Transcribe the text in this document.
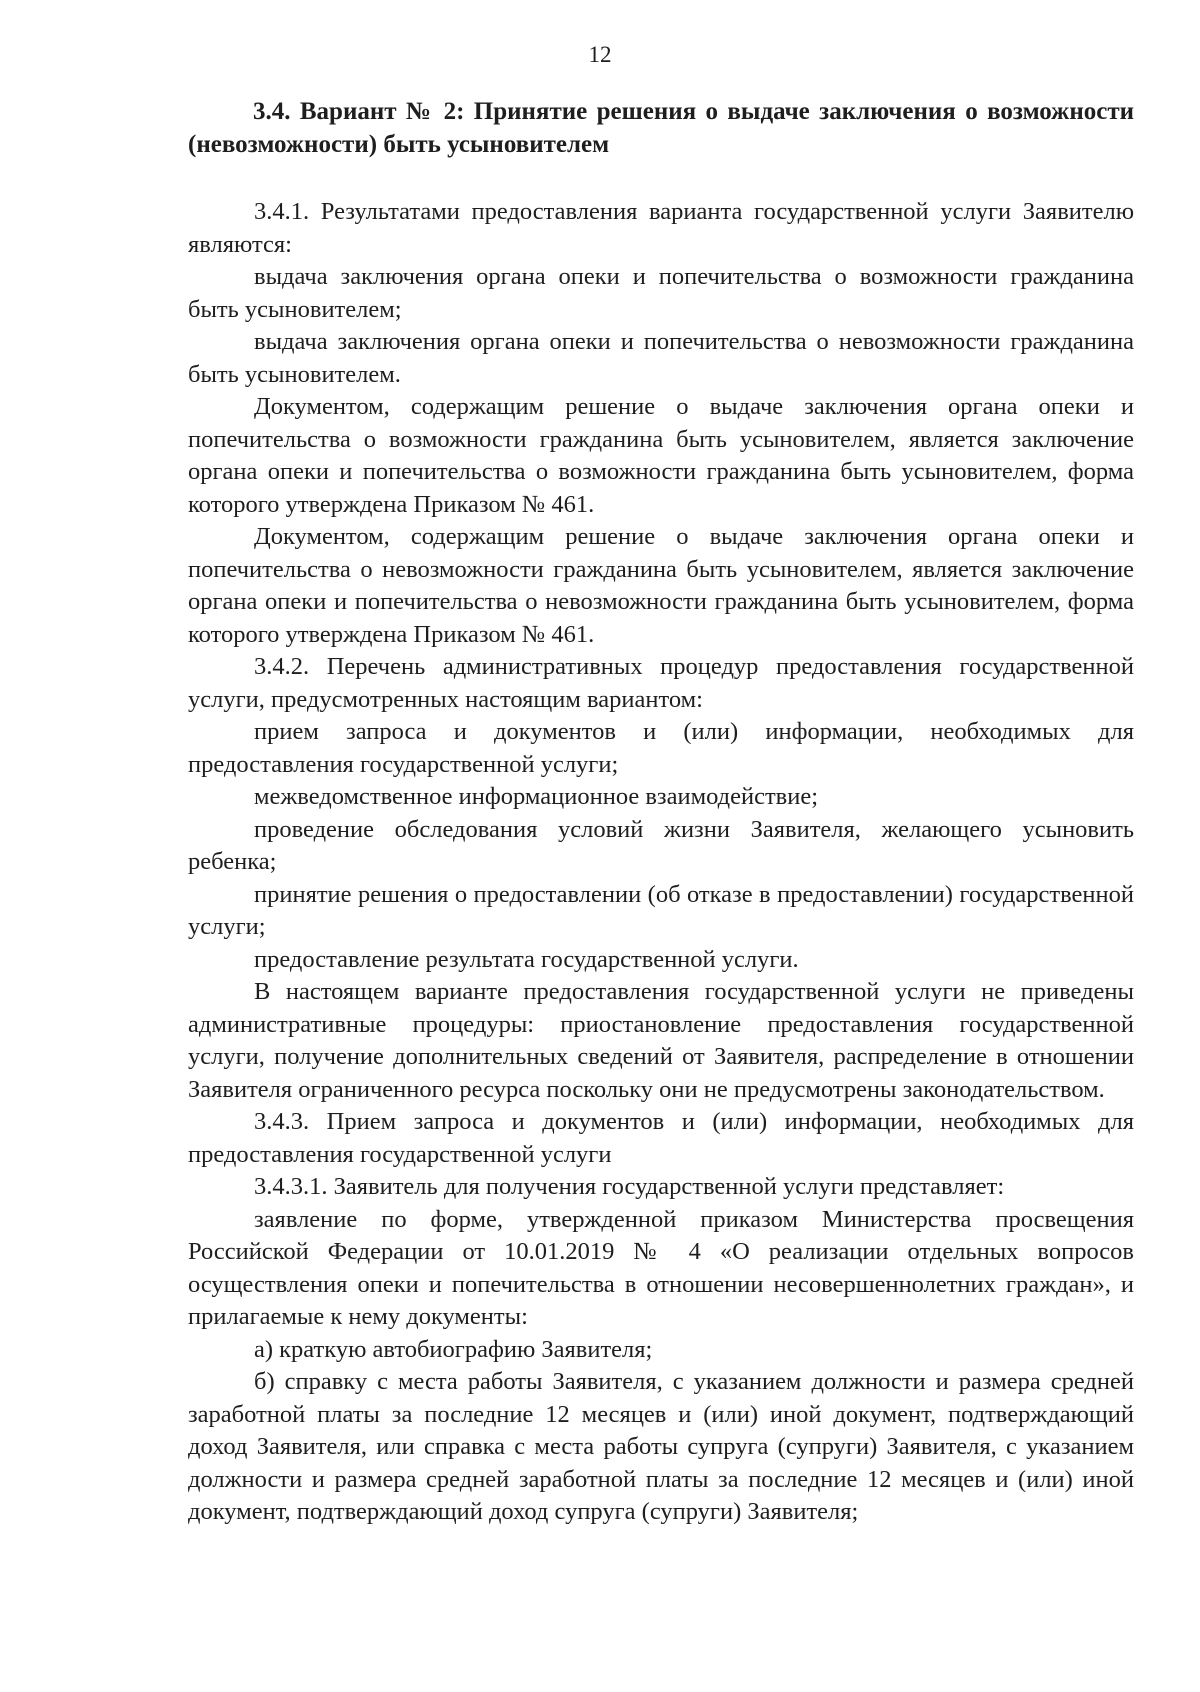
12
3.4. Вариант № 2: Принятие решения о выдаче заключения о возможности (невозможности) быть усыновителем

3.4.1. Результатами предоставления варианта государственной услуги Заявителю являются:

выдача заключения органа опеки и попечительства о возможности гражданина быть усыновителем;

выдача заключения органа опеки и попечительства о невозможности гражданина быть усыновителем.

Документом, содержащим решение о выдаче заключения органа опеки и попечительства о возможности гражданина быть усыновителем, является заключение органа опеки и попечительства о возможности гражданина быть усыновителем, форма которого утверждена Приказом № 461.

Документом, содержащим решение о выдаче заключения органа опеки и попечительства о невозможности гражданина быть усыновителем, является заключение органа опеки и попечительства о невозможности гражданина быть усыновителем, форма которого утверждена Приказом № 461.

3.4.2. Перечень административных процедур предоставления государственной услуги, предусмотренных настоящим вариантом:

прием запроса и документов и (или) информации, необходимых для предоставления государственной услуги;

межведомственное информационное взаимодействие;

проведение обследования условий жизни Заявителя, желающего усыновить ребенка;

принятие решения о предоставлении (об отказе в предоставлении) государственной услуги;

предоставление результата государственной услуги.

В настоящем варианте предоставления государственной услуги не приведены административные процедуры: приостановление предоставления государственной услуги, получение дополнительных сведений от Заявителя, распределение в отношении Заявителя ограниченного ресурса поскольку они не предусмотрены законодательством.

3.4.3. Прием запроса и документов и (или) информации, необходимых для предоставления государственной услуги

3.4.3.1. Заявитель для получения государственной услуги представляет:

заявление по форме, утвержденной приказом Министерства просвещения Российской Федерации от 10.01.2019 № 4 «О реализации отдельных вопросов осуществления опеки и попечительства в отношении несовершеннолетних граждан», и прилагаемые к нему документы:

а) краткую автобиографию Заявителя;

б) справку с места работы Заявителя, с указанием должности и размера средней заработной платы за последние 12 месяцев и (или) иной документ, подтверждающий доход Заявителя, или справка с места работы супруга (супруги) Заявителя, с указанием должности и размера средней заработной платы за последние 12 месяцев и (или) иной документ, подтверждающий доход супруга (супруги) Заявителя;
